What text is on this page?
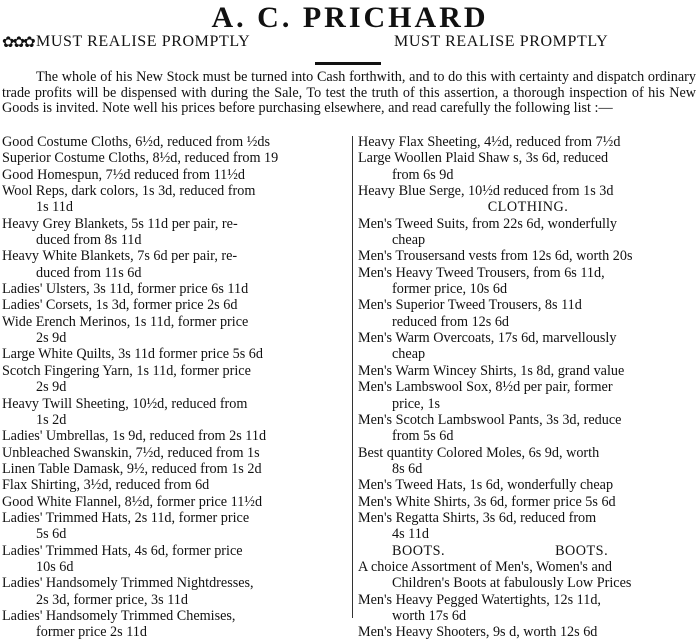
A. C. PRICHARD
✿✿✿ MUST REALISE PROMPTLY	MUST REALISE PROMPTLY
The whole of his New Stock must be turned into Cash forthwith, and to do this with certainty and dispatch ordinary trade profits will be dispensed with during the Sale, To test the truth of this assertion, a thorough inspection of his New Goods is invited. Note well his prices before purchasing elsewhere, and read carefully the following list :—
Good Costume Cloths, 6½d, reduced from ½ds
Superior Costume Cloths, 8½d, reduced from 19
Good Homespun, 7½d reduced from 11½d
Wool Reps, dark colors, 1s 3d, reduced from
1s 11d
Heavy Grey Blankets, 5s 11d per pair, re-
duced from 8s 11d
Heavy White Blankets, 7s 6d per pair, re-
duced from 11s 6d
Ladies' Ulsters, 3s 11d, former price 6s 11d
Ladies' Corsets, 1s 3d, former price 2s 6d
Wide Erench Merinos, 1s 11d, former price
2s 9d
Large White Quilts, 3s 11d former price 5s 6d
Scotch Fingering Yarn, 1s 11d, former price
2s 9d
Heavy Twill Sheeting, 10½d, reduced from
1s 2d
Ladies' Umbrellas, 1s 9d, reduced from 2s 11d
Unbleached Swanskin, 7½d, reduced from 1s
Linen Table Damask, 9½, reduced from 1s 2d
Flax Shirting, 3½d, reduced from 6d
Good White Flannel, 8½d, former price 11½d
Ladies' Trimmed Hats, 2s 11d, former price
5s 6d
Ladies' Trimmed Hats, 4s 6d, former price
10s 6d
Ladies' Handsomely Trimmed Nightdresses,
2s 3d, former price, 3s 11d
Ladies' Handsomely Trimmed Chemises,
former price 2s 11d
Heavy Flax Sheeting, 4½d, reduced from 7½d
Large Woollen Plaid Shaw s, 3s 6d, reduced
from 6s 9d
Heavy Blue Serge, 10½d reduced from 1s 3d
CLOTHING.
Men's Tweed Suits, from 22s 6d, wonderfully
cheap
Men's Trousersand vests from 12s 6d, worth 20s
Men's Heavy Tweed Trousers, from 6s 11d,
former price, 10s 6d
Men's Superior Tweed Trousers, 8s 11d
reduced from 12s 6d
Men's Warm Overcoats, 17s 6d, marvellously
cheap
Men's Warm Wincey Shirts, 1s 8d, grand value
Men's Lambswool Sox, 8½d per pair, former
price, 1s
Men's Scotch Lambswool Pants, 3s 3d, reduce
from 5s 6d
Best quantity Colored Moles, 6s 9d, worth
8s 6d
Men's Tweed Hats, 1s 6d, wonderfully cheap
Men's White Shirts, 3s 6d, former price 5s 6d
Men's Regatta Shirts, 3s 6d, reduced from
4s 11d
BOOTS.	BOOTS.
A choice Assortment of Men's, Women's and
Children's Boots at fabulously Low Prices
Men's Heavy Pegged Watertights, 12s 11d,
worth 17s 6d
Men's Heavy Shooters, 9s d, worth 12s 6d
